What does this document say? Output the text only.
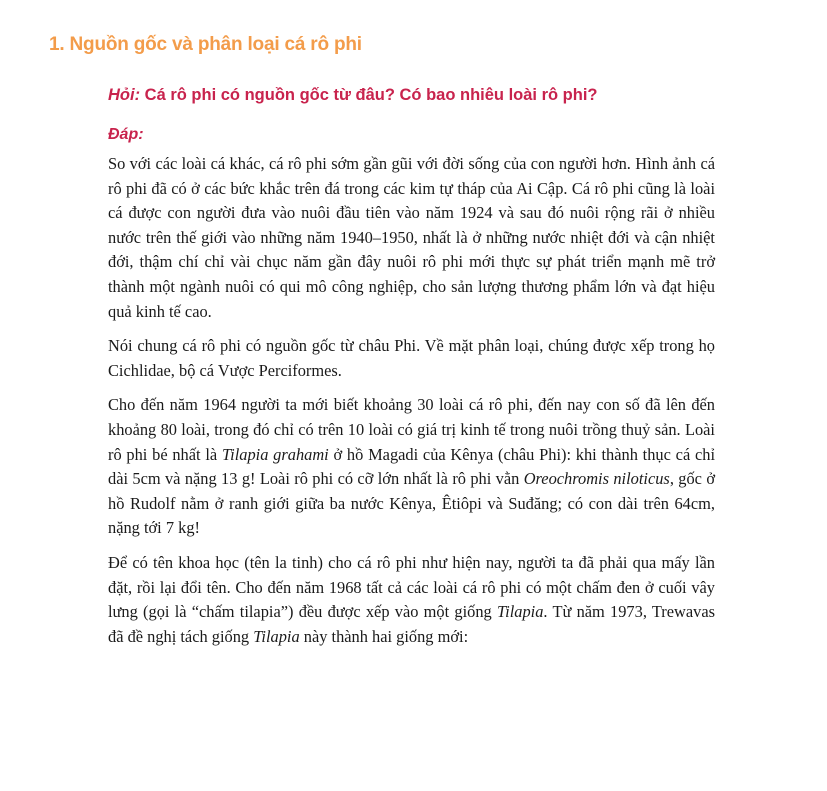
1. Nguồn gốc và phân loại cá rô phi

Hỏi: Cá rô phi có nguồn gốc từ đâu? Có bao nhiêu loài rô phi?

Đáp:

So với các loài cá khác, cá rô phi sớm gần gũi với đời sống của con người hơn. Hình ảnh cá rô phi đã có ở các bức khắc trên đá trong các kim tự tháp của Ai Cập. Cá rô phi cũng là loài cá được con người đưa vào nuôi đầu tiên vào năm 1924 và sau đó nuôi rộng rãi ở nhiều nước trên thế giới vào những năm 1940–1950, nhất là ở những nước nhiệt đới và cận nhiệt đới, thậm chí chỉ vài chục năm gần đây nuôi rô phi mới thực sự phát triển mạnh mẽ trở thành một ngành nuôi có qui mô công nghiệp, cho sản lượng thương phẩm lớn và đạt hiệu quả kinh tế cao.

Nói chung cá rô phi có nguồn gốc từ châu Phi. Về mặt phân loại, chúng được xếp trong họ Cichlidae, bộ cá Vược Perciformes.

Cho đến năm 1964 người ta mới biết khoảng 30 loài cá rô phi, đến nay con số đã lên đến khoảng 80 loài, trong đó chỉ có trên 10 loài có giá trị kinh tế trong nuôi trồng thuỷ sản. Loài rô phi bé nhất là Tilapia grahami ở hồ Magadi của Kênya (châu Phi): khi thành thục cá chỉ dài 5cm và nặng 13 g! Loài rô phi có cỡ lớn nhất là rô phi vằn Oreochromis niloticus, gốc ở hồ Rudolf nằm ở ranh giới giữa ba nước Kênya, Êtiôpi và Suđăng; có con dài trên 64cm, nặng tới 7 kg!

Để có tên khoa học (tên la tinh) cho cá rô phi như hiện nay, người ta đã phải qua mấy lần đặt, rồi lại đổi tên. Cho đến năm 1968 tất cả các loài cá rô phi có một chấm đen ở cuối vây lưng (gọi là “chấm tilapia”) đều được xếp vào một giống Tilapia. Từ năm 1973, Trewavas đã đề nghị tách giống Tilapia này thành hai giống mới:
